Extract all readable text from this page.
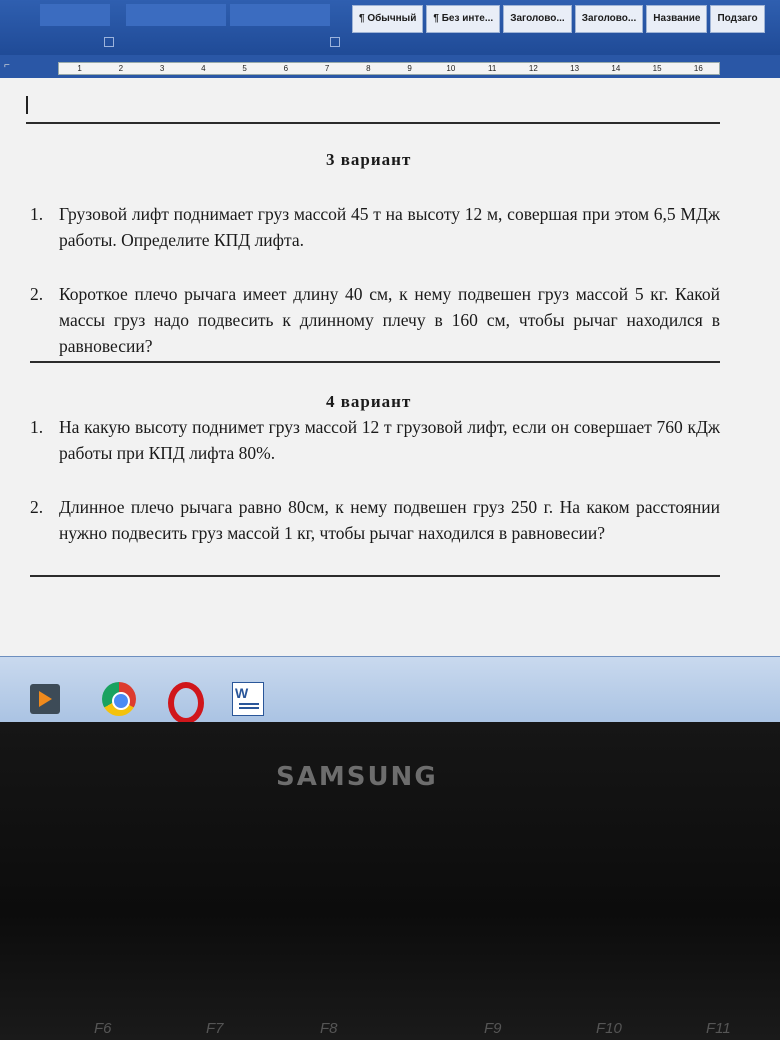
¶ Обычный	¶ Без инте...	Заголово...	Заголово...	Название	Подзаго
⌐	1	2	3	4	5	6	7	8	9	10	11	12	13	14	15	16
3 вариант
1. Грузовой лифт поднимает груз массой 45 т на высоту 12 м, совершая при этом 6,5 МДж работы. Определите КПД лифта.
2. Короткое плечо рычага имеет длину 40 см, к нему подвешен груз массой 5 кг. Какой массы груз надо подвесить к длинному плечу в 160 см, чтобы рычаг находился в равновесии?
4 вариант
1. На какую высоту поднимет груз массой 12 т грузовой лифт, если он совершает 760 кДж работы при КПД лифта 80%.
2. Длинное плечо рычага равно 80см, к нему подвешен груз 250 г. На каком расстоянии нужно подвесить груз массой 1 кг, чтобы рычаг находился в равновесии?
W
SAMSUNG
F6	F7	F8	F9	F10	F11
